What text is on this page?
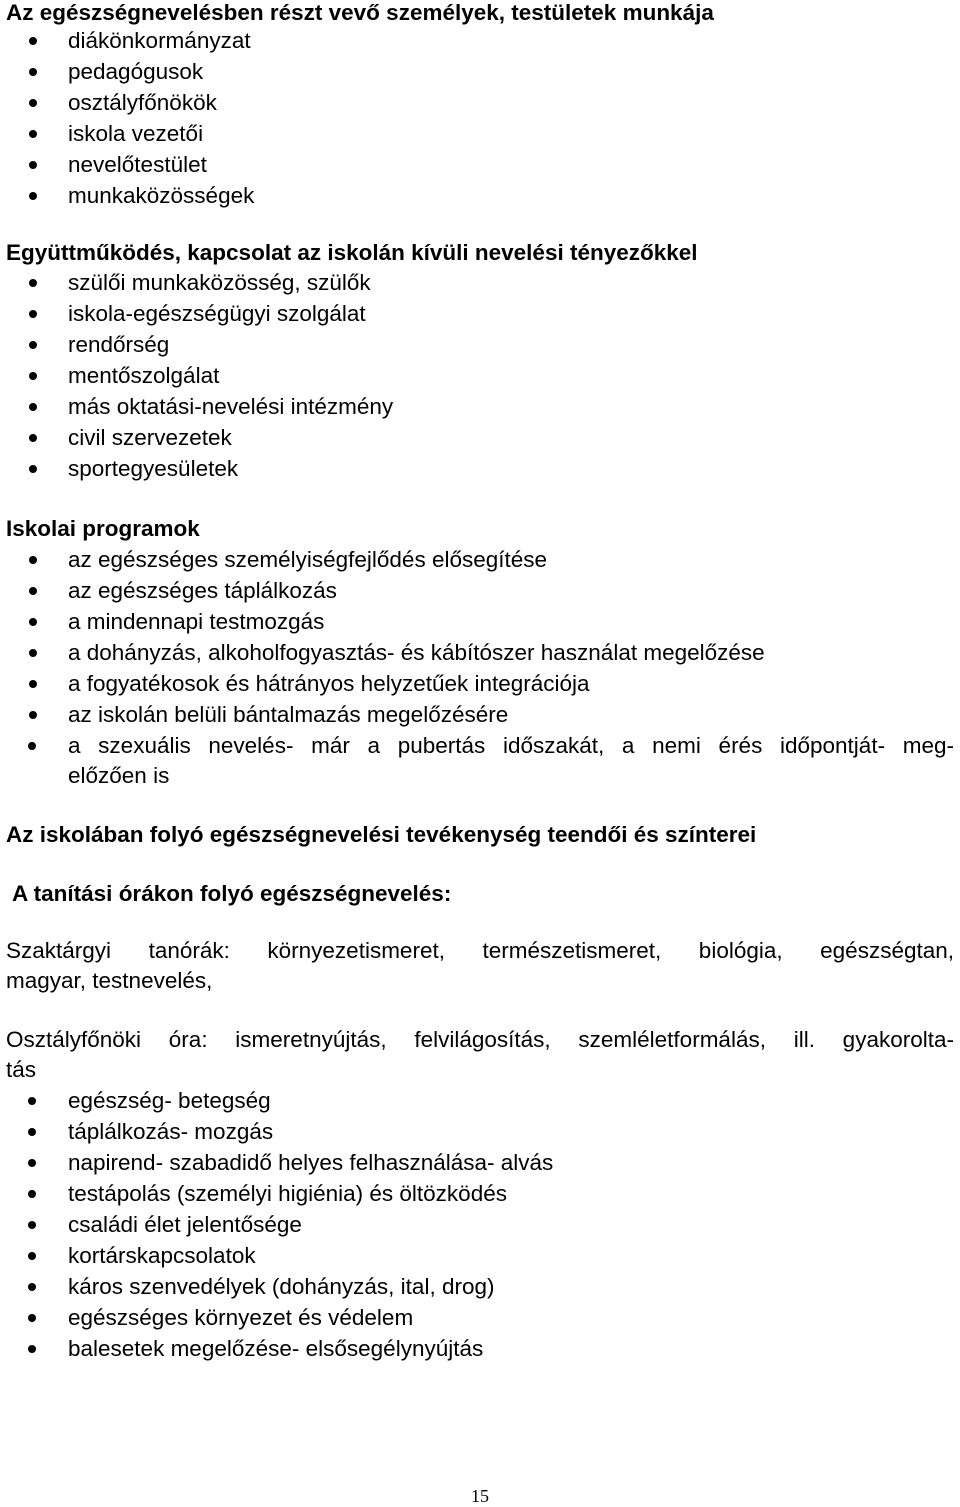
Az egészségnevelésben részt vevő személyek, testületek munkája
diákönkormányzat
pedagógusok
osztályfőnökök
iskola vezetői
nevelőtestület
munkaközösségek
Együttműködés, kapcsolat az iskolán kívüli nevelési tényezőkkel
szülői munkaközösség, szülők
iskola-egészségügyi szolgálat
rendőrség
mentőszolgálat
más oktatási-nevelési intézmény
civil szervezetek
sportegyesületek
Iskolai programok
az egészséges személyiségfejlődés elősegítése
az egészséges táplálkozás
a mindennapi testmozgás
a dohányzás, alkoholfogyasztás- és kábítószer használat megelőzése
a fogyatékosok és hátrányos helyzetűek integrációja
az iskolán belüli bántalmazás megelőzésére
a szexuális nevelés- már a pubertás időszakát, a nemi érés időpontját- meg-
előzően is
Az iskolában folyó egészségnevelési tevékenység teendői és színterei
A tanítási órákon folyó egészségnevelés:
Szaktárgyi tanórák: környezetismeret, természetismeret, biológia, egészségtan,
magyar, testnevelés,
Osztályfőnöki óra: ismeretnyújtás, felvilágosítás, szemléletformálás, ill. gyakorolta-
tás
egészség- betegség
táplálkozás- mozgás
napirend- szabadidő helyes felhasználása- alvás
testápolás (személyi higiénia) és öltözködés
családi élet jelentősége
kortárskapcsolatok
káros szenvedélyek (dohányzás, ital, drog)
egészséges környezet és védelem
balesetek megelőzése- elsősegélynyújtás
15
